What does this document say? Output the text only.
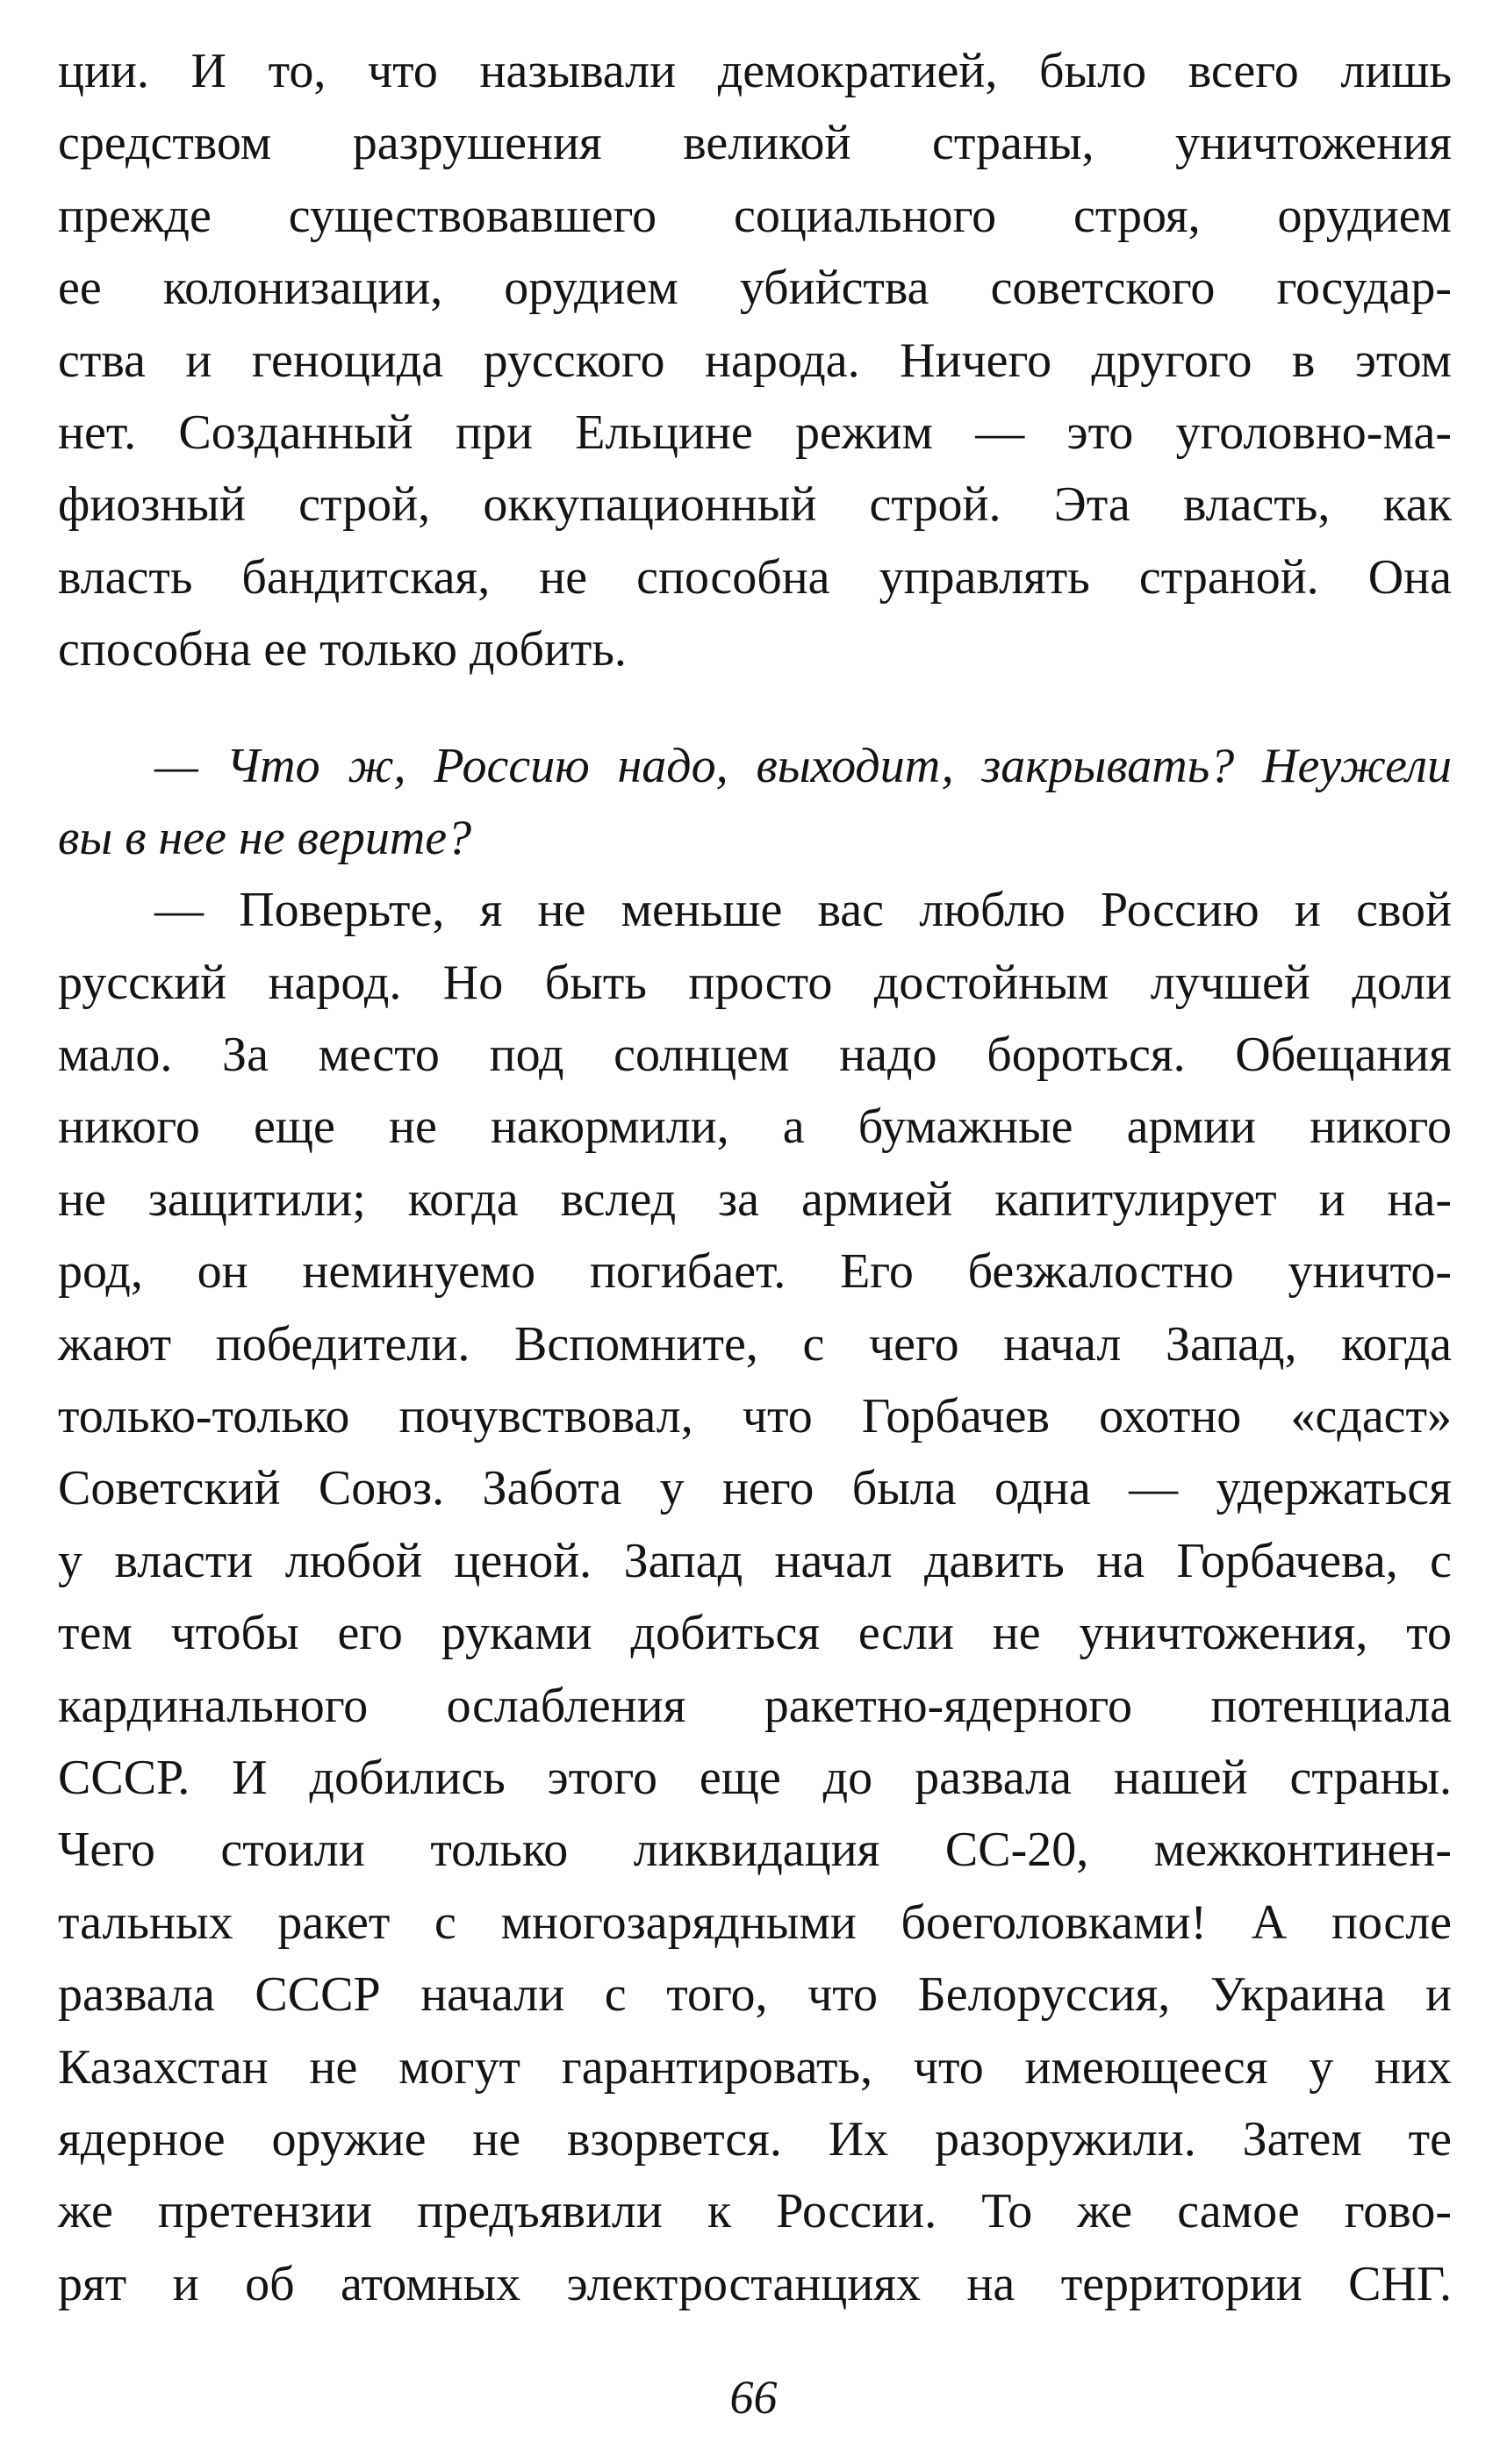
ции. И то, что называли демократией, было всего лишь
средством разрушения великой страны, уничтожения
прежде существовавшего социального строя, орудием
ее колонизации, орудием убийства советского государ-
ства и геноцида русского народа. Ничего другого в этом
нет. Созданный при Ельцине режим — это уголовно-ма-
фиозный строй, оккупационный строй. Эта власть, как
власть бандитская, не способна управлять страной. Она
способна ее только добить.
— Что ж, Россию надо, выходит, закрывать? Неужели
вы в нее не верите?
— Поверьте, я не меньше вас люблю Россию и свой
русский народ. Но быть просто достойным лучшей доли
мало. За место под солнцем надо бороться. Обещания
никого еще не накормили, а бумажные армии никого
не защитили; когда вслед за армией капитулирует и на-
род, он неминуемо погибает. Его безжалостно уничто-
жают победители. Вспомните, с чего начал Запад, когда
только-только почувствовал, что Горбачев охотно «сдаст»
Советский Союз. Забота у него была одна — удержаться
у власти любой ценой. Запад начал давить на Горбачева, с
тем чтобы его руками добиться если не уничтожения, то
кардинального ослабления ракетно-ядерного потенциала
СССР. И добились этого еще до развала нашей страны.
Чего стоили только ликвидация СС-20, межконтинен-
тальных ракет с многозарядными боеголовками! А после
развала СССР начали с того, что Белоруссия, Украина и
Казахстан не могут гарантировать, что имеющееся у них
ядерное оружие не взорвется. Их разоружили. Затем те
же претензии предъявили к России. То же самое гово-
рят и об атомных электростанциях на территории СНГ.
66
